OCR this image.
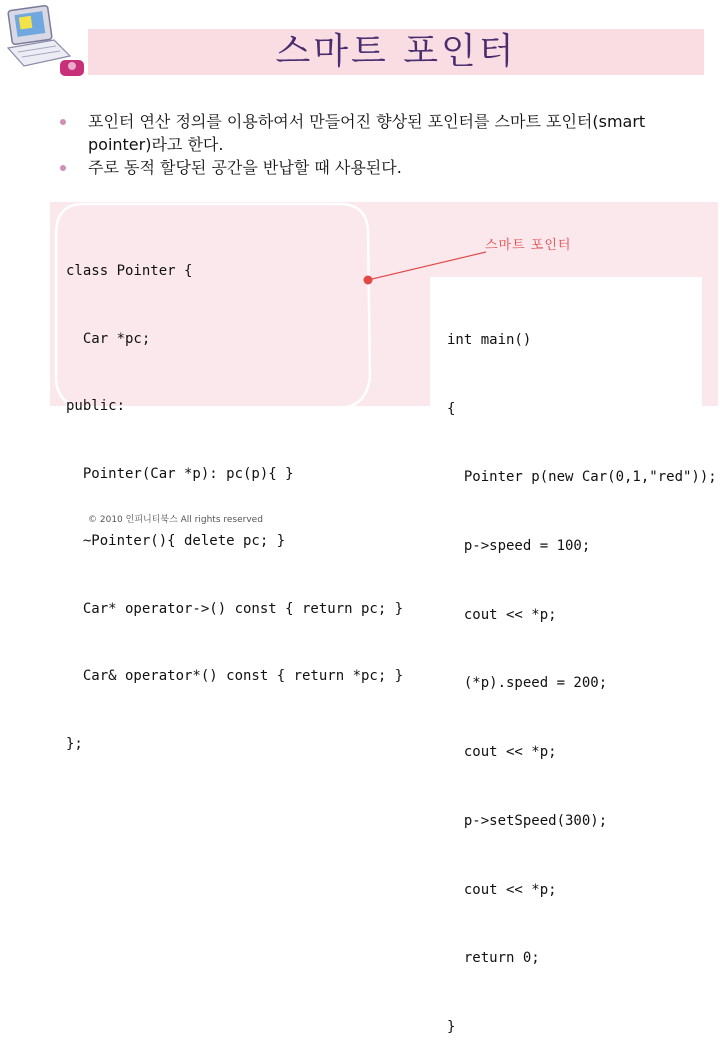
스마트 포인터
포인터 연산 정의를 이용하여서 만들어진 향상된 포인터를 스마트 포인터(smart pointer)라고 한다.
주로 동적 할당된 공간을 반납할 때 사용된다.

class Pointer {

Car *pc;

public:

Pointer(Car *p): pc(p){ }

~Pointer(){ delete pc; }

Car* operator->() const { return pc; }

Car& operator*() const { return *pc; }

};

스마트 포인터

int main()

{

Pointer p(new Car(0,1,"red"));

p->speed = 100;

cout << *p;

(*p).speed = 200;

cout << *p;

p->setSpeed(300);

cout << *p;

return 0;

}

© 2010 인피니티북스 All rights reserved
